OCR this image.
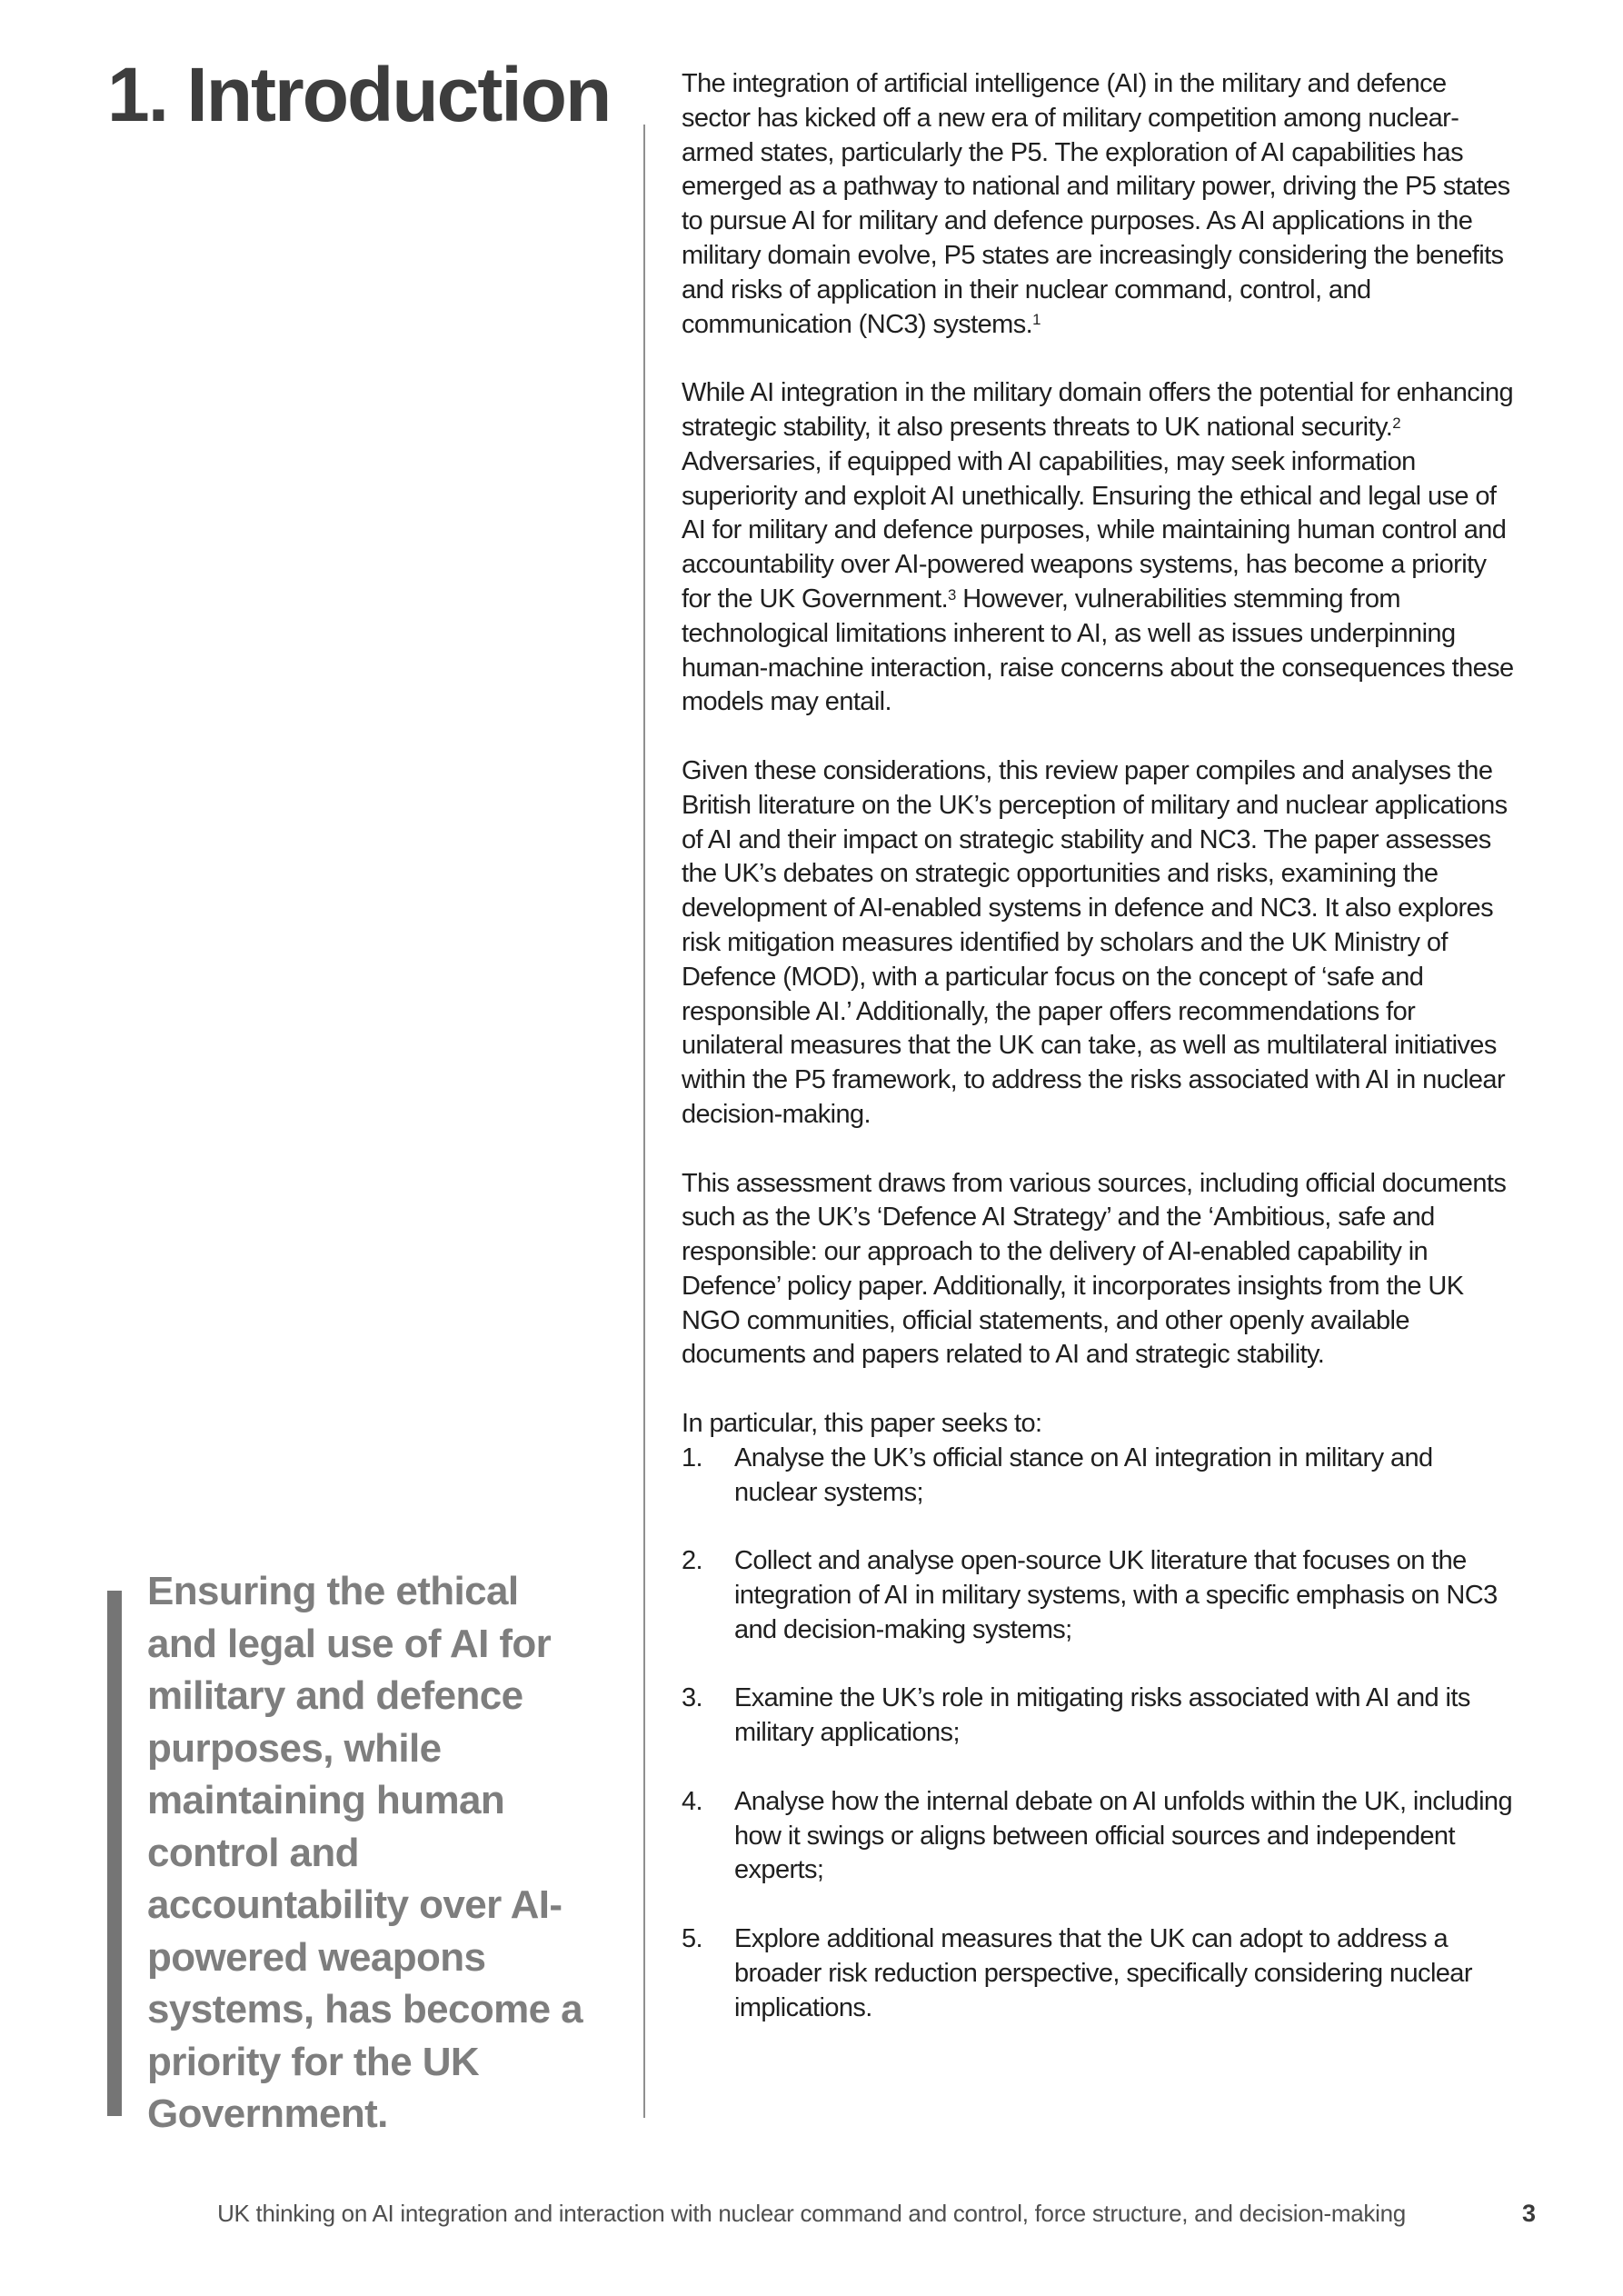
1. Introduction	The integration of artificial intelligence (AI) in the military and defence sector has kicked off a new era of military competition among nuclear-armed states, particularly the P5. The exploration of AI capabilities has emerged as a pathway to national and military power, driving the P5 states to pursue AI for military and defence purposes. As AI applications in the military domain evolve, P5 states are increasingly considering the benefits and risks of application in their nuclear command, control, and communication (NC3) systems.$^1$

While AI integration in the military domain offers the potential for enhancing strategic stability, it also presents threats to UK national security.$^2$ Adversaries, if equipped with AI capabilities, may seek information superiority and exploit AI unethically. Ensuring the ethical and legal use of AI for military and defence purposes, while maintaining human control and accountability over AI-powered weapons systems, has become a priority for the UK Government.$^3$ However, vulnerabilities stemming from technological limitations inherent to AI, as well as issues underpinning human-machine interaction, raise concerns about the consequences these models may entail.

Given these considerations, this review paper compiles and analyses the British literature on the UK’s perception of military and nuclear applications of AI and their impact on strategic stability and NC3. The paper assesses the UK’s debates on strategic opportunities and risks, examining the development of AI-enabled systems in defence and NC3. It also explores risk mitigation measures identified by scholars and the UK Ministry of Defence (MOD), with a particular focus on the concept of ‘safe and responsible AI.’ Additionally, the paper offers recommendations for unilateral measures that the UK can take, as well as multilateral initiatives within the P5 framework, to address the risks associated with AI in nuclear decision-making.

This assessment draws from various sources, including official documents such as the UK’s ‘Defence AI Strategy’ and the ‘Ambitious, safe and responsible: our approach to the delivery of AI-enabled capability in Defence’ policy paper. Additionally, it incorporates insights from the UK NGO communities, official statements, and other openly available documents and papers related to AI and strategic stability.

In particular, this paper seeks to:

1.	Analyse the UK’s official stance on AI integration in military and nuclear systems;
2.	Collect and analyse open-source UK literature that focuses on the integration of AI in military systems, with a specific emphasis on NC3 and decision-making systems;
3.	Examine the UK’s role in mitigating risks associated with AI and its military applications;
4.	Analyse how the internal debate on AI unfolds within the UK, including how it swings or aligns between official sources and independent experts;
5.	Explore additional measures that the UK can adopt to address a broader risk reduction perspective, specifically considering nuclear implications.
Ensuring the ethical and legal use of AI for military and defence purposes, while maintaining human control and accountability over AI-powered weapons systems, has become a priority for the UK Government.
UK thinking on AI integration and interaction with nuclear command and control, force structure, and decision-making	3
